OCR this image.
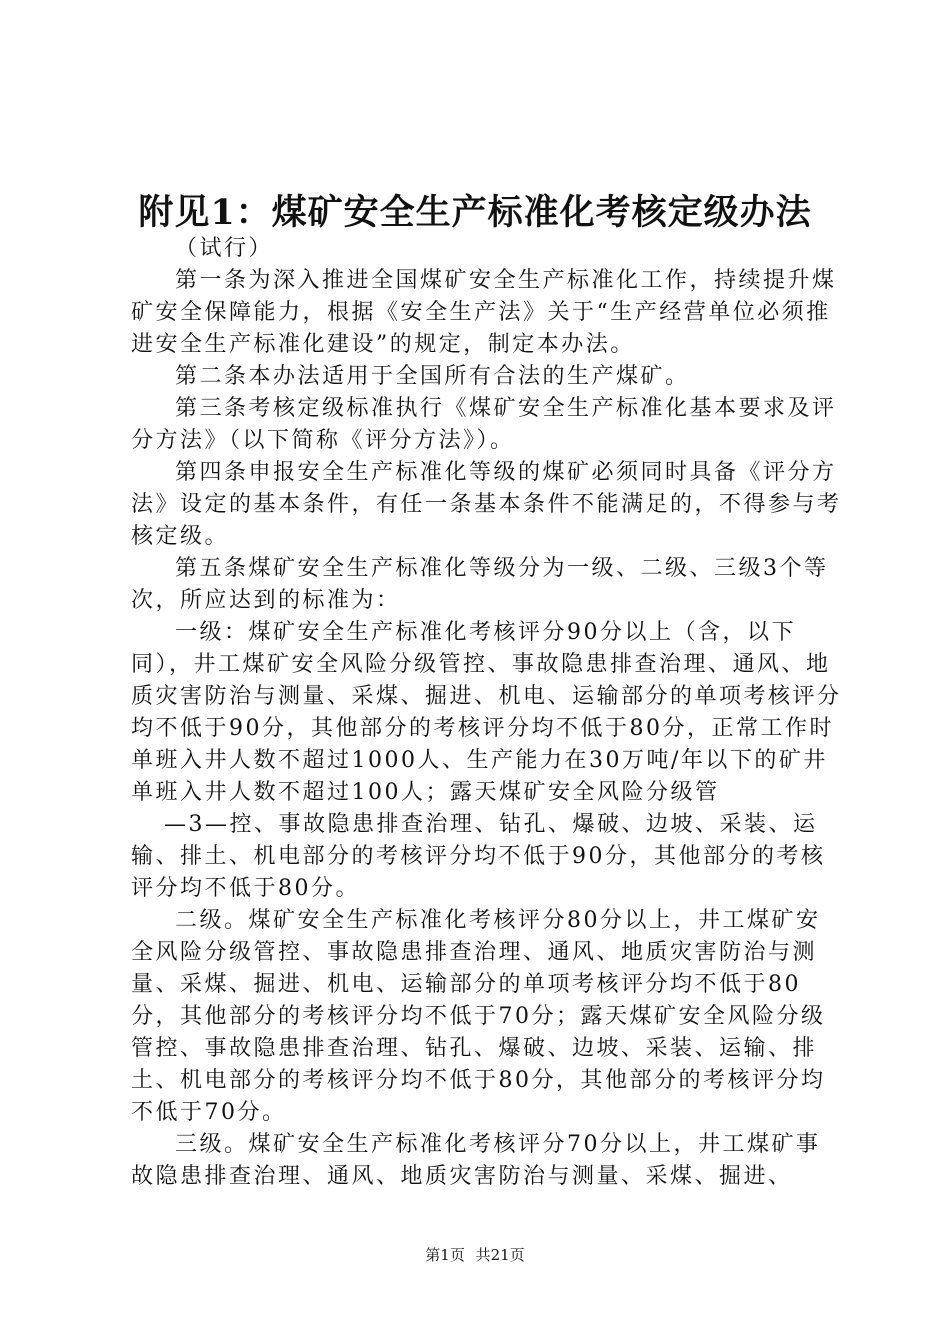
附见1：煤矿安全生产标准化考核定级办法

（试行）

第一条为深入推进全国煤矿安全生产标准化工作，持续提升煤矿安全保障能力，根据《安全生产法》关于“生产经营单位必须推进安全生产标准化建设”的规定，制定本办法。

第二条本办法适用于全国所有合法的生产煤矿。

第三条考核定级标准执行《煤矿安全生产标准化基本要求及评分方法》（以下简称《评分方法》）。

第四条申报安全生产标准化等级的煤矿必须同时具备《评分方法》设定的基本条件，有任一条基本条件不能满足的，不得参与考核定级。

第五条煤矿安全生产标准化等级分为一级、二级、三级3个等次，所应达到的标准为：

一级：煤矿安全生产标准化考核评分90分以上（含，以下同），井工煤矿安全风险分级管控、事故隐患排查治理、通风、地质灾害防治与测量、采煤、掘进、机电、运输部分的单项考核评分均不低于90分，其他部分的考核评分均不低于80分，正常工作时单班入井人数不超过1000人、生产能力在30万吨/年以下的矿井单班入井人数不超过100人；露天煤矿安全风险分级管

—3—控、事故隐患排查治理、钻孔、爆破、边坡、采装、运输、排土、机电部分的考核评分均不低于90分，其他部分的考核评分均不低于80分。

二级。煤矿安全生产标准化考核评分80分以上，井工煤矿安全风险分级管控、事故隐患排查治理、通风、地质灾害防治与测量、采煤、掘进、机电、运输部分的单项考核评分均不低于80分，其他部分的考核评分均不低于70分；露天煤矿安全风险分级管控、事故隐患排查治理、钻孔、爆破、边坡、采装、运输、排土、机电部分的考核评分均不低于80分，其他部分的考核评分均不低于70分。

三级。煤矿安全生产标准化考核评分70分以上，井工煤矿事故隐患排查治理、通风、地质灾害防治与测量、采煤、掘进、

第1页 共21页
